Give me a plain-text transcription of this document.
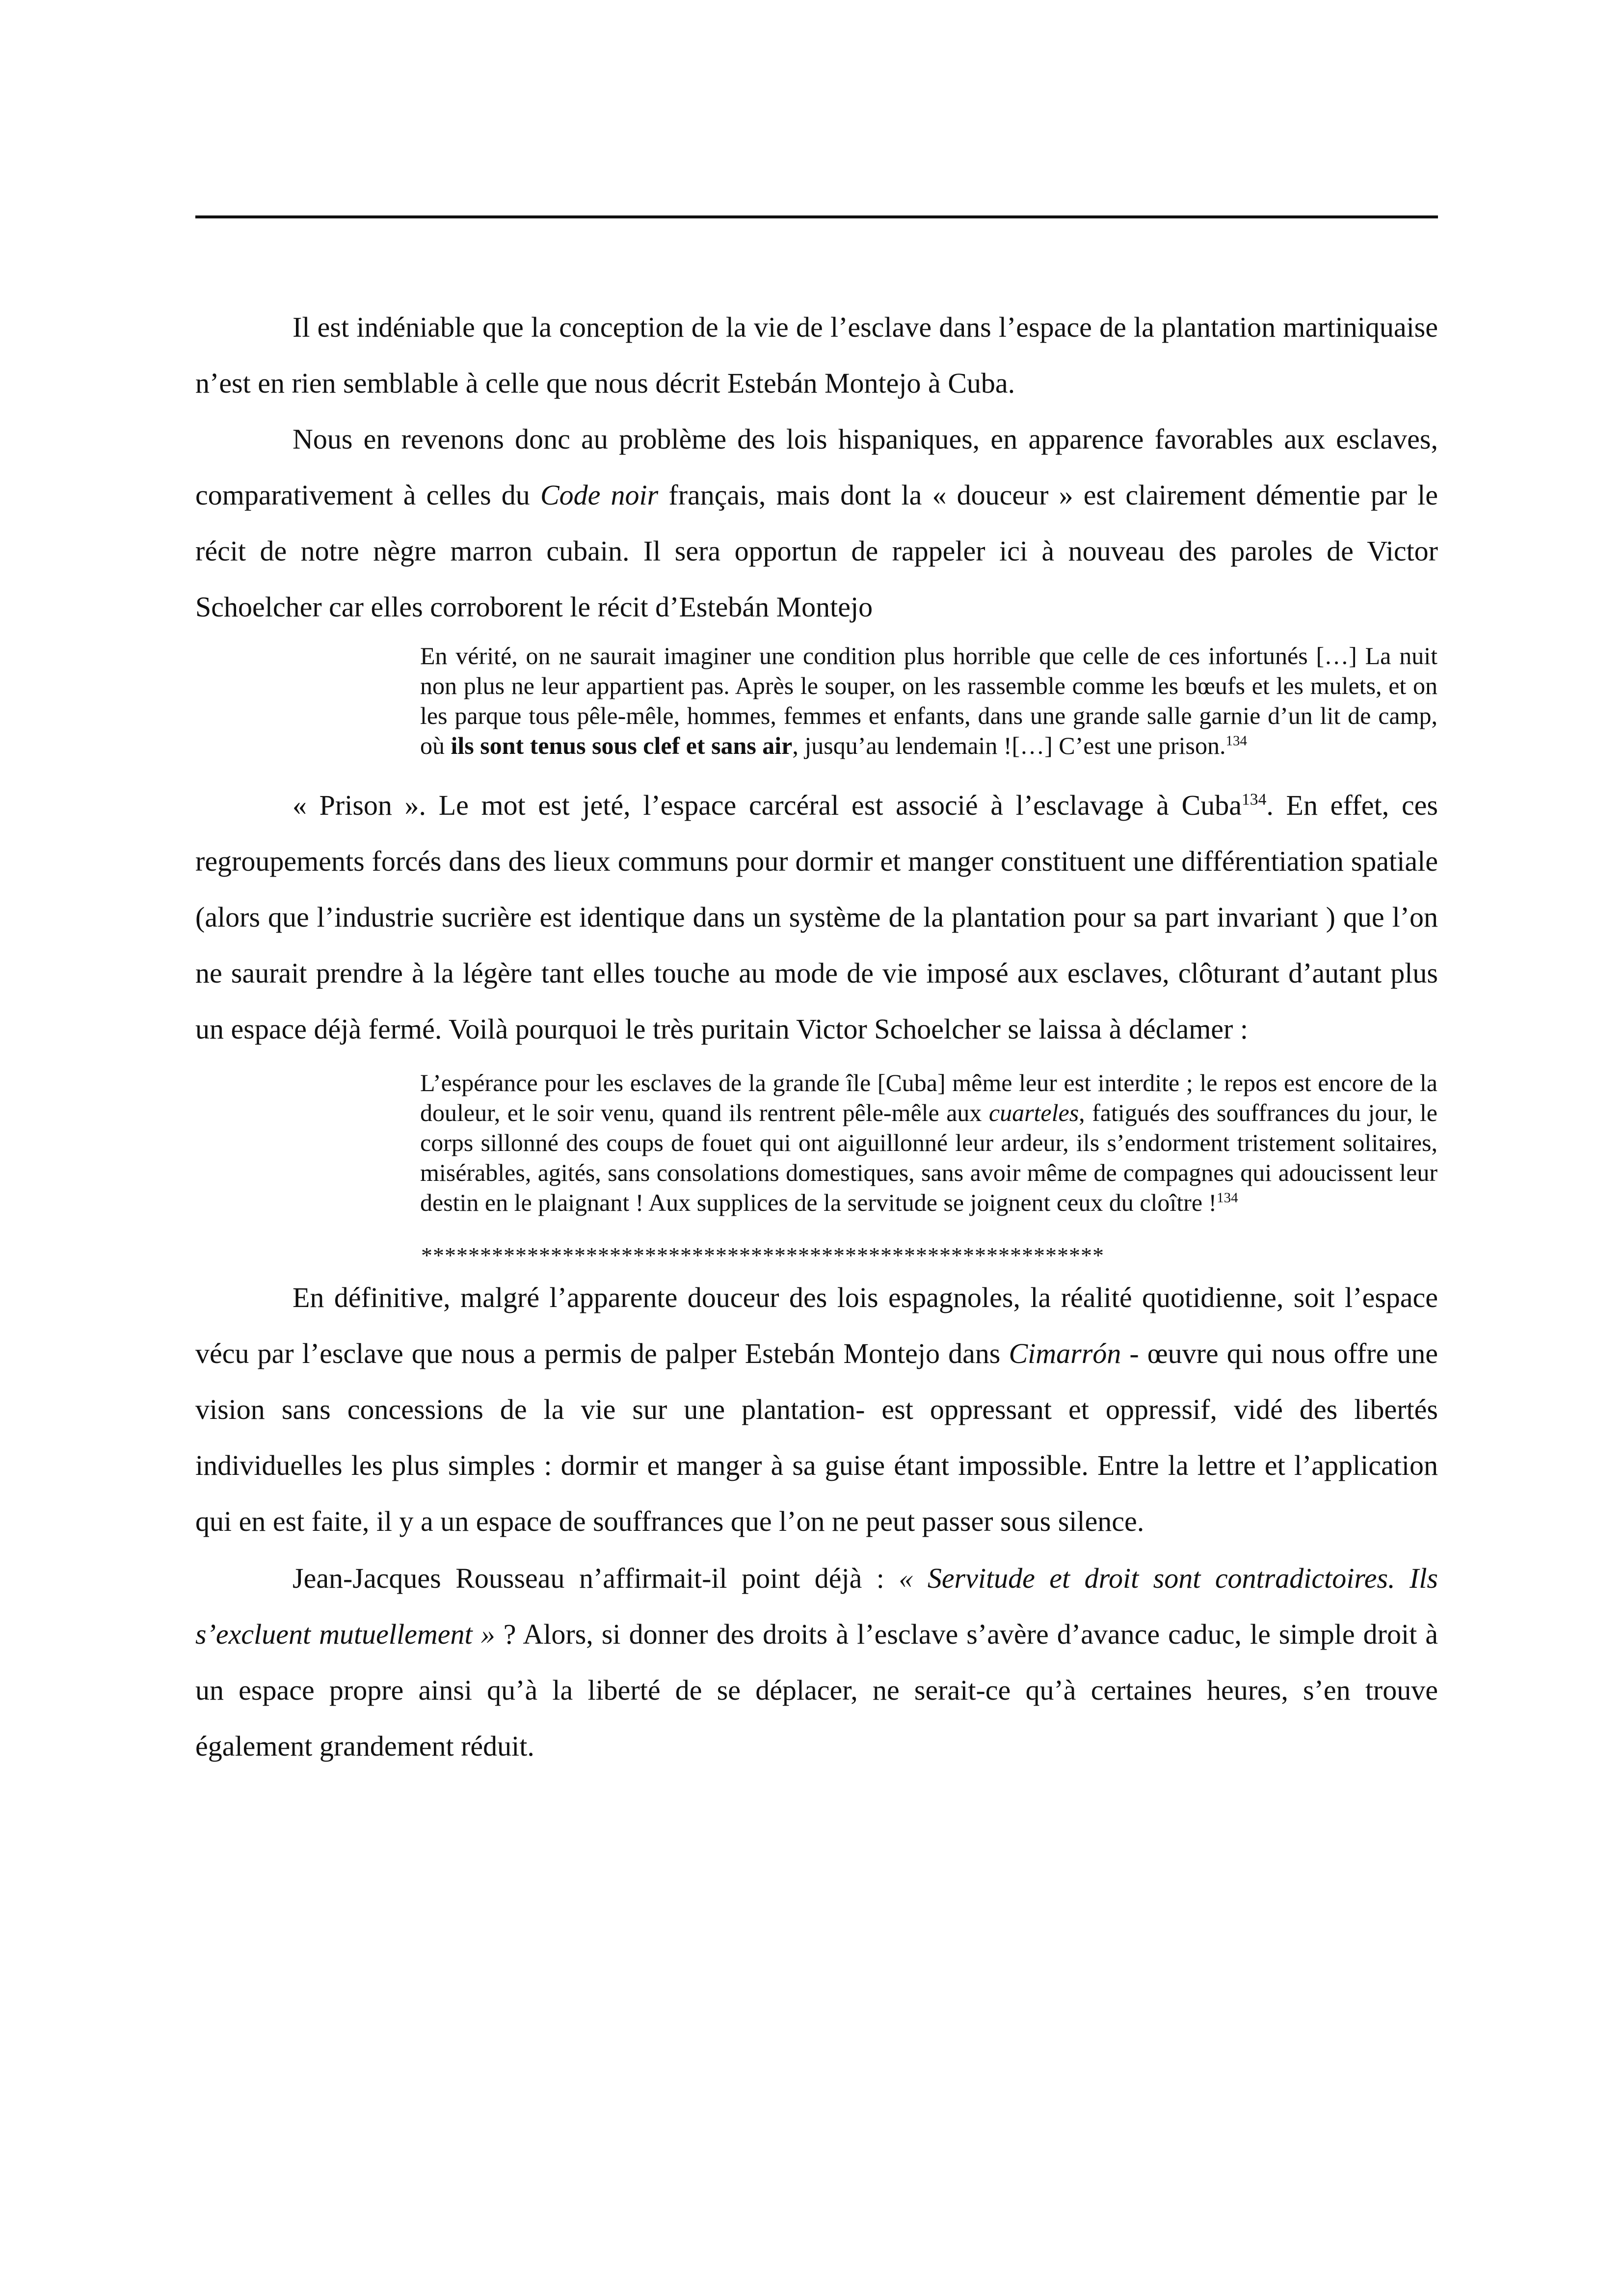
Il est indéniable que la conception de la vie de l’esclave dans l’espace de la plantation martiniquaise n’est en rien semblable à celle que nous décrit Estebán Montejo à Cuba.

Nous en revenons donc au problème des lois hispaniques, en apparence favorables aux esclaves, comparativement à celles du Code noir français, mais dont la « douceur » est clairement démentie par le récit de notre nègre marron cubain. Il sera opportun de rappeler ici à nouveau des paroles de Victor Schoelcher car elles corroborent le récit d’Estebán Montejo

En vérité, on ne saurait imaginer une condition plus horrible que celle de ces infortunés […] La nuit non plus ne leur appartient pas. Après le souper, on les rassemble comme les bœufs et les mulets, et on les parque tous pêle-mêle, hommes, femmes et enfants, dans une grande salle garnie d’un lit de camp, où ils sont tenus sous clef et sans air, jusqu’au lendemain ![…] C’est une prison.$^{134}$

« Prison ». Le mot est jeté, l’espace carcéral est associé à l’esclavage à Cuba$^{134}$. En effet, ces regroupements forcés dans des lieux communs pour dormir et manger constituent une différentiation spatiale (alors que l’industrie sucrière est identique dans un système de la plantation pour sa part invariant ) que l’on ne saurait prendre à la légère tant elles touche au mode de vie imposé aux esclaves, clôturant d’autant plus un espace déjà fermé. Voilà pourquoi le très puritain Victor Schoelcher se laissa à déclamer :

L’espérance pour les esclaves de la grande île [Cuba] même leur est interdite ; le repos est encore de la douleur, et le soir venu, quand ils rentrent pêle-mêle aux cuarteles, fatigués des souffrances du jour, le corps sillonné des coups de fouet qui ont aiguillonné leur ardeur, ils s’endorment tristement solitaires, misérables, agités, sans consolations domestiques, sans avoir même de compagnes qui adoucissent leur destin en le plaignant ! Aux supplices de la servitude se joignent ceux du cloître !$^{134}$

**********************************************************

En définitive, malgré l’apparente douceur des lois espagnoles, la réalité quotidienne, soit l’espace vécu par l’esclave que nous a permis de palper Estebán Montejo dans Cimarrón - œuvre qui nous offre une vision sans concessions de la vie sur une plantation- est oppressant et oppressif, vidé des libertés individuelles les plus simples : dormir et manger à sa guise étant impossible. Entre la lettre et l’application qui en est faite, il y a un espace de souffrances que l’on ne peut passer sous silence.

Jean-Jacques Rousseau n’affirmait-il point déjà : « Servitude et droit sont contradictoires. Ils s’excluent mutuellement » ? Alors, si donner des droits à l’esclave s’avère d’avance caduc, le simple droit à un espace propre ainsi qu’à la liberté de se déplacer, ne serait-ce qu’à certaines heures, s’en trouve également grandement réduit.
